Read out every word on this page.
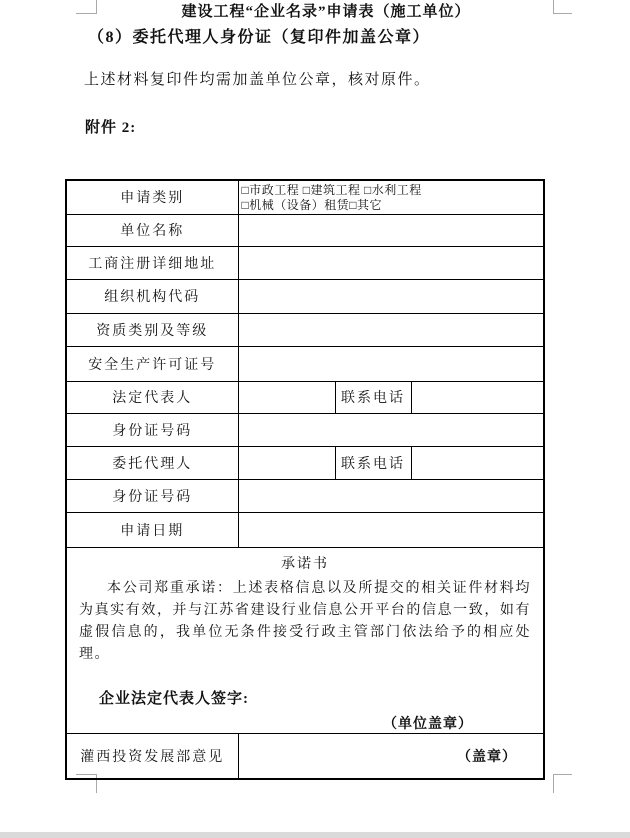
（8）委托代理人身份证（复印件加盖公章）
上述材料复印件均需加盖单位公章，核对原件。
附件 2:
建设工程“企业名录”申请表（施工单位）
申请类别	□市政工程 □建筑工程 □水利工程
□机械（设备）租赁□其它		

单位名称			
工商注册详细地址			
组织机构代码			
资质类别及等级			
安全生产许可证号			
法定代表人		联系电话	
身份证号码			
委托代理人		联系电话	
身份证号码			
申请日期			

承诺书
本公司郑重承诺：上述表格信息以及所提交的相关证件材料均为真实有效，并与江苏省建设行业信息公开平台的信息一致，如有虚假信息的，我单位无条件接受行政主管部门依法给予的相应处理。
企业法定代表人签字:
（单位盖章）			

灌西投资发展部意见	（盖章）		
